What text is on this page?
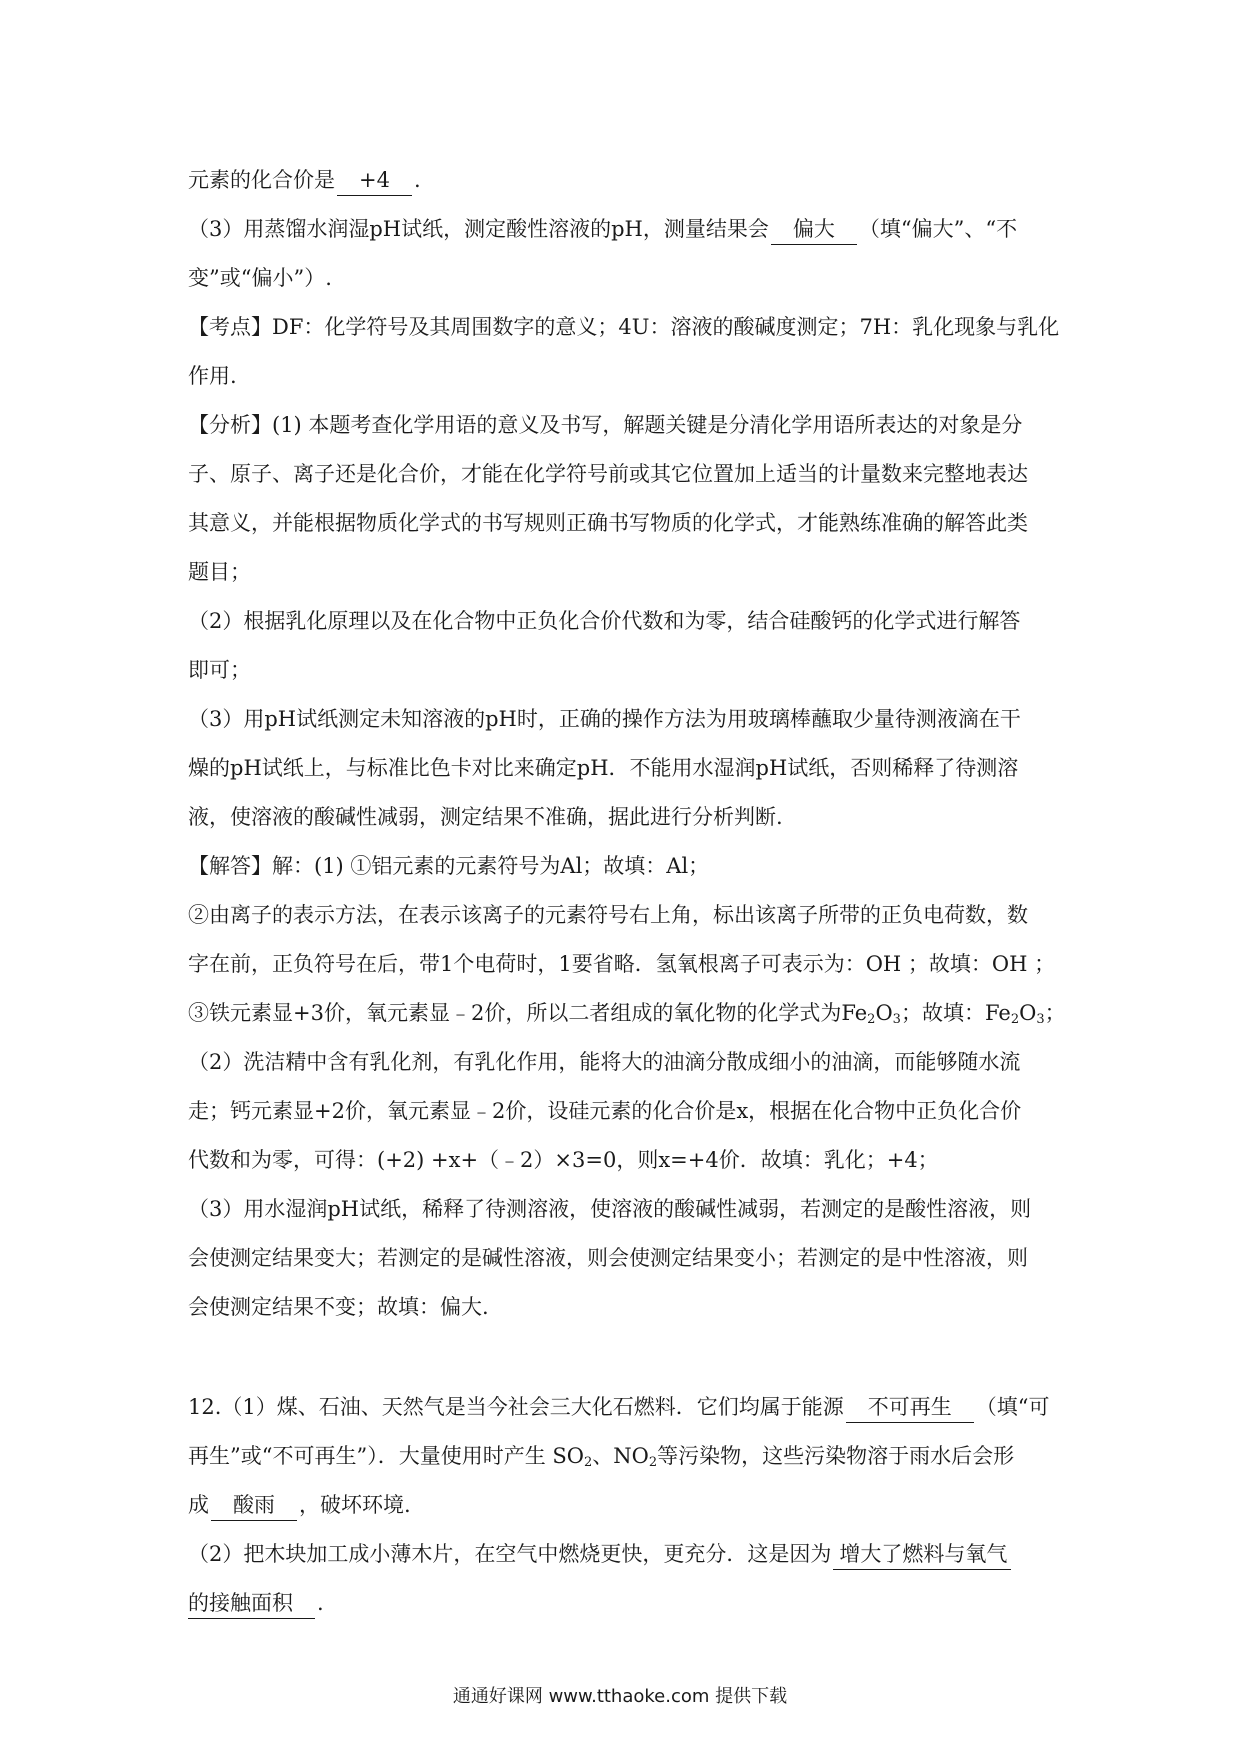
元素的化合价是 +4 .
（3）用蒸馏水润湿pH试纸，测定酸性溶液的pH，测量结果会 偏大 （填“偏大”、“不
变”或“偏小”）.
【考点】DF：化学符号及其周围数字的意义；4U：溶液的酸碱度测定；7H：乳化现象与乳化
作用.
【分析】(1) 本题考查化学用语的意义及书写，解题关键是分清化学用语所表达的对象是分
子、原子、离子还是化合价，才能在化学符号前或其它位置加上适当的计量数来完整地表达
其意义，并能根据物质化学式的书写规则正确书写物质的化学式，才能熟练准确的解答此类
题目；
（2）根据乳化原理以及在化合物中正负化合价代数和为零，结合硅酸钙的化学式进行解答
即可；
（3）用pH试纸测定未知溶液的pH时，正确的操作方法为用玻璃棒蘸取少量待测液滴在干
燥的pH试纸上，与标准比色卡对比来确定pH．不能用水湿润pH试纸，否则稀释了待测溶
液，使溶液的酸碱性减弱，测定结果不准确，据此进行分析判断.
【解答】解：(1) ①铝元素的元素符号为Al；故填：Al；
②由离子的表示方法，在表示该离子的元素符号右上角，标出该离子所带的正负电荷数，数
字在前，正负符号在后，带1个电荷时，1要省略．氢氧根离子可表示为：OH ；故填：OH ；
③铁元素显+3价，氧元素显﹣2价，所以二者组成的氧化物的化学式为$Fe_2O_3$；故填：$Fe_2O_3$；
（2）洗洁精中含有乳化剂，有乳化作用，能将大的油滴分散成细小的油滴，而能够随水流
走；钙元素显+2价，氧元素显﹣2价，设硅元素的化合价是x，根据在化合物中正负化合价
代数和为零，可得：(+2) +x+（﹣2）×3=0，则x=+4价．故填：乳化；+4；
（3）用水湿润pH试纸，稀释了待测溶液，使溶液的酸碱性减弱，若测定的是酸性溶液，则
会使测定结果变大；若测定的是碱性溶液，则会使测定结果变小；若测定的是中性溶液，则
会使测定结果不变；故填：偏大.
12.（1）煤、石油、天然气是当今社会三大化石燃料．它们均属于能源 不可再生 （填“可
再生”或“不可再生”）．大量使用时产生 $SO_2$、$NO_2$等污染物，这些污染物溶于雨水后会形
成 酸雨 ，破坏环境.
（2）把木块加工成小薄木片，在空气中燃烧更快，更充分．这是因为 增大了燃料与氧气
的接触面积 .
通通好课网 www.tthaoke.com 提供下载
